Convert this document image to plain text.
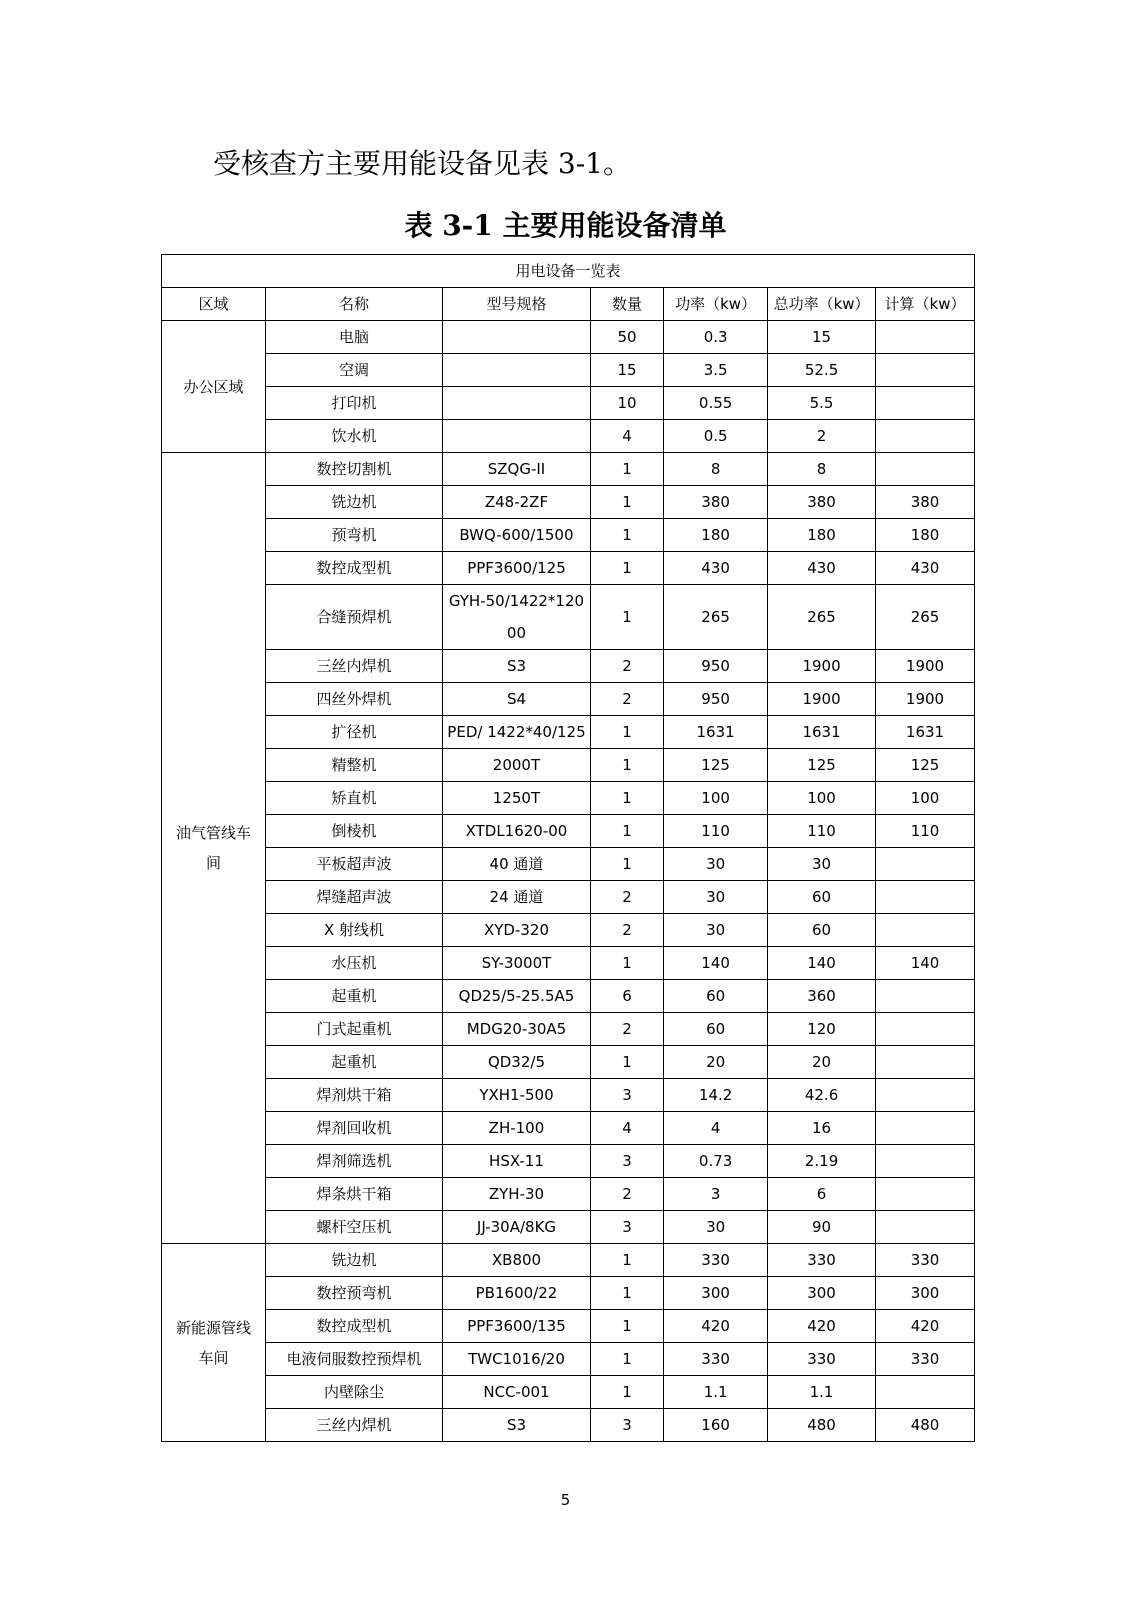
受核查方主要用能设备见表 3-1。
表 3-1 主要用能设备清单
用电设备一览表						
区域	名称	型号规格	数量	功率（kw）	总功率（kw）	计算（kw）
办公区域	电脑		50	0.3	15	
	空调		15	3.5	52.5	
	打印机		10	0.55	5.5	
	饮水机		4	0.5	2	
油气管线车间	数控切割机	SZQG-II	1	8	8	
	铣边机	Z48-2ZF	1	380	380	380
	预弯机	BWQ-600/1500	1	180	180	180
	数控成型机	PPF3600/125	1	430	430	430
	合缝预焊机	GYH-50/1422*12000	1	265	265	265
	三丝内焊机	S3	2	950	1900	1900
	四丝外焊机	S4	2	950	1900	1900
	扩径机	PED/ 1422*40/125	1	1631	1631	1631
	精整机	2000T	1	125	125	125
	矫直机	1250T	1	100	100	100
	倒棱机	XTDL1620-00	1	110	110	110
	平板超声波	40 通道	1	30	30	
	焊缝超声波	24 通道	2	30	60	
	X 射线机	XYD-320	2	30	60	
	水压机	SY-3000T	1	140	140	140
	起重机	QD25/5-25.5A5	6	60	360	
	门式起重机	MDG20-30A5	2	60	120	
	起重机	QD32/5	1	20	20	
	焊剂烘干箱	YXH1-500	3	14.2	42.6	
	焊剂回收机	ZH-100	4	4	16	
	焊剂筛选机	HSX-11	3	0.73	2.19	
	焊条烘干箱	ZYH-30	2	3	6	
	螺杆空压机	JJ-30A/8KG	3	30	90	
新能源管线车间	铣边机	XB800	1	330	330	330
	数控预弯机	PB1600/22	1	300	300	300
	数控成型机	PPF3600/135	1	420	420	420
	电液伺服数控预焊机	TWC1016/20	1	330	330	330
	内壁除尘	NCC-001	1	1.1	1.1	
	三丝内焊机	S3	3	160	480	480
5
